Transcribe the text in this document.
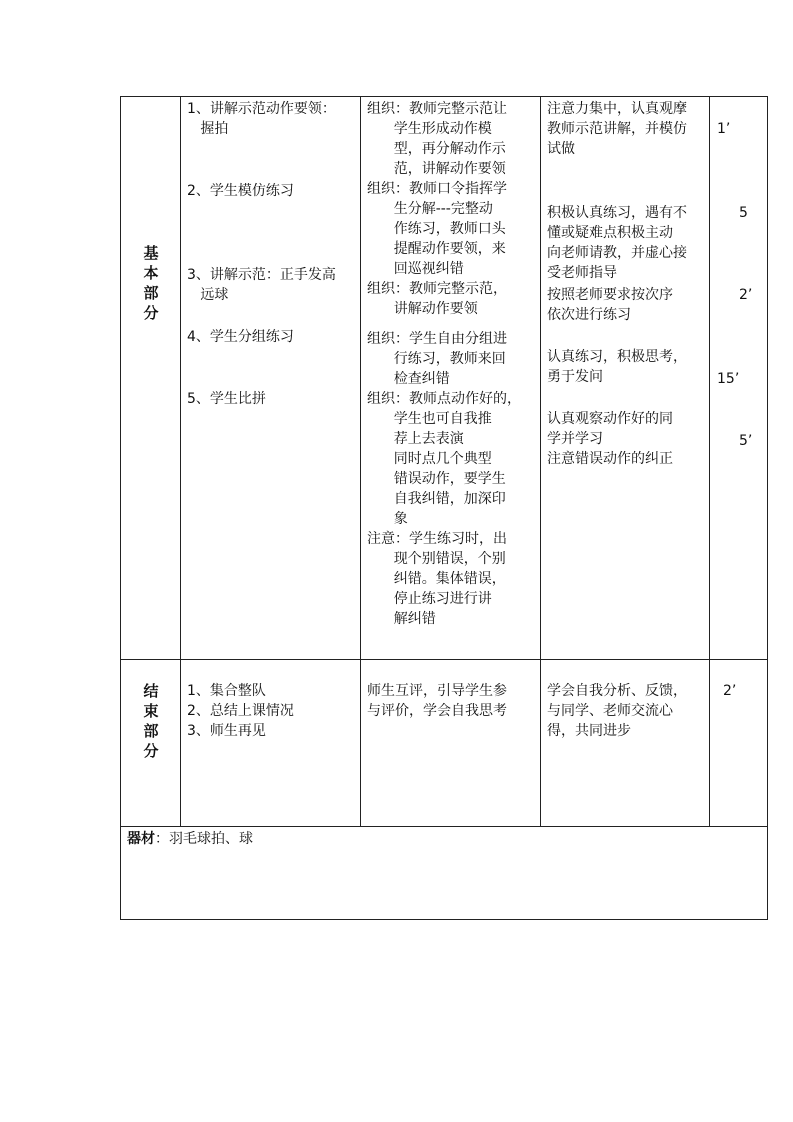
基
本
部
分
结
束
部
分

1、讲解示范动作要领：

握拍

2、学生模仿练习

3、讲解示范：正手发高

远球

4、学生分组练习

5、学生比拼

组织：教师完整示范让

学生形成动作模

型，再分解动作示

范，讲解动作要领

组织：教师口令指挥学

生分解---完整动

作练习，教师口头

提醒动作要领，来

回巡视纠错

组织：教师完整示范，

讲解动作要领

组织：学生自由分组进

行练习，教师来回

检查纠错

组织：教师点动作好的，

学生也可自我推

荐上去表演

同时点几个典型

错误动作，要学生

自我纠错，加深印

象

注意：学生练习时，出

现个别错误，个别

纠错。集体错误，

停止练习进行讲

解纠错

注意力集中，认真观摩

教师示范讲解，并模仿

试做

积极认真练习，遇有不

懂或疑难点积极主动

向老师请教，并虚心接

受老师指导

按照老师要求按次序

依次进行练习

认真练习，积极思考，

勇于发问

认真观察动作好的同

学并学习

注意错误动作的纠正

1’

5

2’

15’

5’

1、集合整队

2、总结上课情况

3、师生再见

师生互评，引导学生参

与评价，学会自我思考

学会自我分析、反馈，

与同学、老师交流心

得，共同进步

2’

器材：羽毛球拍、球
